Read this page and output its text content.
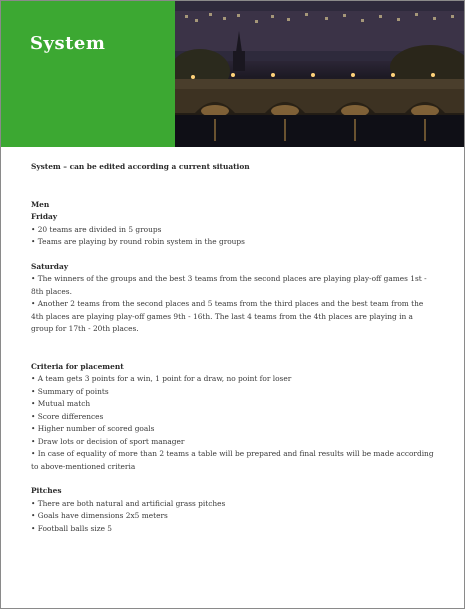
System
System – can be edited according a current situation
Men
Friday
• 20 teams are divided in 5 groups
• Teams are playing by round robin system in the groups
Saturday
• The winners of the groups and the best 3 teams from the second places are playing play-off games 1st - 8th places.
• Another 2 teams from the second places and 5 teams from the third places and the best team from the 4th places are playing play-off games 9th - 16th. The last 4 teams from the 4th places are playing in a group for 17th - 20th places.
Criteria for placement
• A team gets 3 points for a win, 1 point for a draw, no point for loser
• Summary of points
• Mutual match
• Score differences
• Higher number of scored goals
• Draw lots or decision of sport manager
• In case of equality of more than 2 teams a table will be prepared and final results will be made according to above-mentioned criteria
Pitches
• There are both natural and artificial grass pitches
• Goals have dimensions 2x5 meters
• Football balls size 5
